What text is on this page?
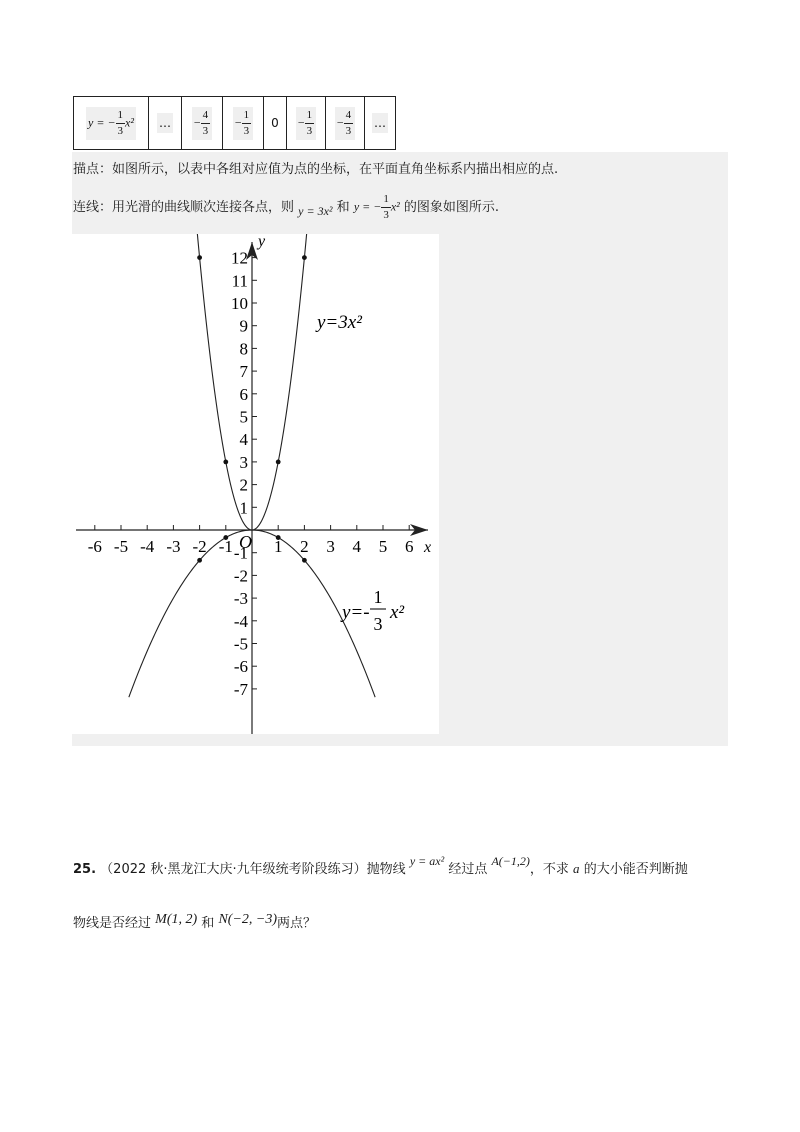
y = − $\frac{1}{3} x^2$	…	− $\frac{4}{3}$	− $\frac{1}{3}$	0	− $\frac{1}{3}$	− $\frac{4}{3}$	…
描点：如图所示，以表中各组对应值为点的坐标，在平面直角坐标系内描出相应的点.
连线：用光滑的曲线顺次连接各点，则 y = 3x² 和 y = − $\frac{1}{3} x^2$ 的图象如图所示.
-6 -5 -4 -3 -2 -1 1 2 3 4 5 6
1
2
3
4
5
6
7
8
9
10
11
12
-1
-2
-3
-4
-5
-6
-7
O	x
y
y=3x²
y=-
1
3
x²
25. （2022 秋·黑龙江大庆·九年级统考阶段练习）抛物线 y = ax² 经过点 A(−1,2)，不求 a 的大小能否判断抛
物线是否经过 M(1, 2) 和 N(−2, −3)两点？
